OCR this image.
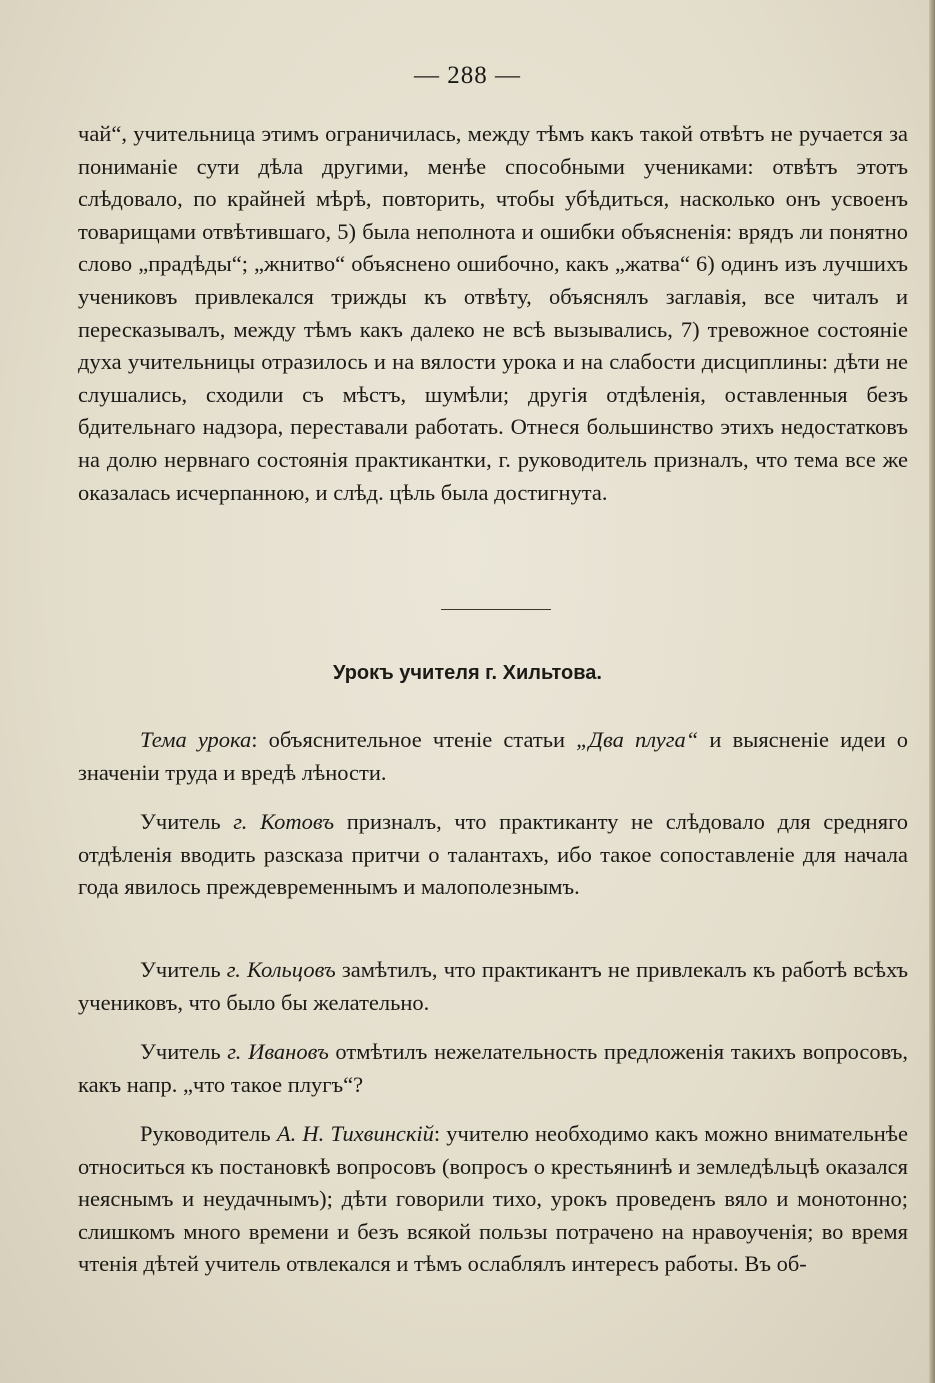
— 288 —
чай“, учительница этимъ ограничилась, между тѣмъ какъ такой отвѣтъ не ручается за пониманіе сути дѣла другими, менѣе способными учениками: отвѣтъ этотъ слѣдовало, по крайней мѣрѣ, повторить, чтобы убѣдиться, насколько онъ усвоенъ товарищами отвѣтившаго, 5) была неполнота и ошибки объясненія: врядъ ли понятно слово „прадѣды“; „жнитво“ объяснено ошибочно, какъ „жатва“ 6) одинъ изъ лучшихъ учениковъ привлекался трижды къ отвѣту, объяснялъ заглавія, все читалъ и пересказывалъ, между тѣмъ какъ далеко не всѣ вызывались, 7) тревожное состояніе духа учительницы отразилось и на вялости урока и на слабости дисциплины: дѣти не слушались, сходили съ мѣстъ, шумѣли; другія отдѣленія, оставленныя безъ бдительнаго надзора, переставали работать. Отнеся большинство этихъ недостатковъ на долю нервнаго состоянія практикантки, г. руководитель призналъ, что тема все же оказалась исчерпанною, и слѣд. цѣль была достигнута.
Урокъ учителя г. Хильтова.
Тема урока: объяснительное чтеніе статьи „Два плуга“ и выясненіе идеи о значеніи труда и вредѣ лѣности.
Учитель г. Котовъ призналъ, что практиканту не слѣдовало для средняго отдѣленія вводить разсказа притчи о талантахъ, ибо такое сопоставленіе для начала года явилось преждевременнымъ и малополезнымъ.
Учитель г. Кольцовъ замѣтилъ, что практикантъ не привлекалъ къ работѣ всѣхъ учениковъ, что было бы желательно.
Учитель г. Ивановъ отмѣтилъ нежелательность предложенія такихъ вопросовъ, какъ напр. „что такое плугъ“?
Руководитель А. Н. Тихвинскій: учителю необходимо какъ можно внимательнѣе относиться къ постановкѣ вопросовъ (вопросъ о крестьянинѣ и земледѣльцѣ оказался неяснымъ и неудачнымъ); дѣти говорили тихо, урокъ проведенъ вяло и монотонно; слишкомъ много времени и безъ всякой пользы потрачено на нравоученія; во время чтенія дѣтей учитель отвлекался и тѣмъ ослаблялъ интересъ работы. Въ об-
